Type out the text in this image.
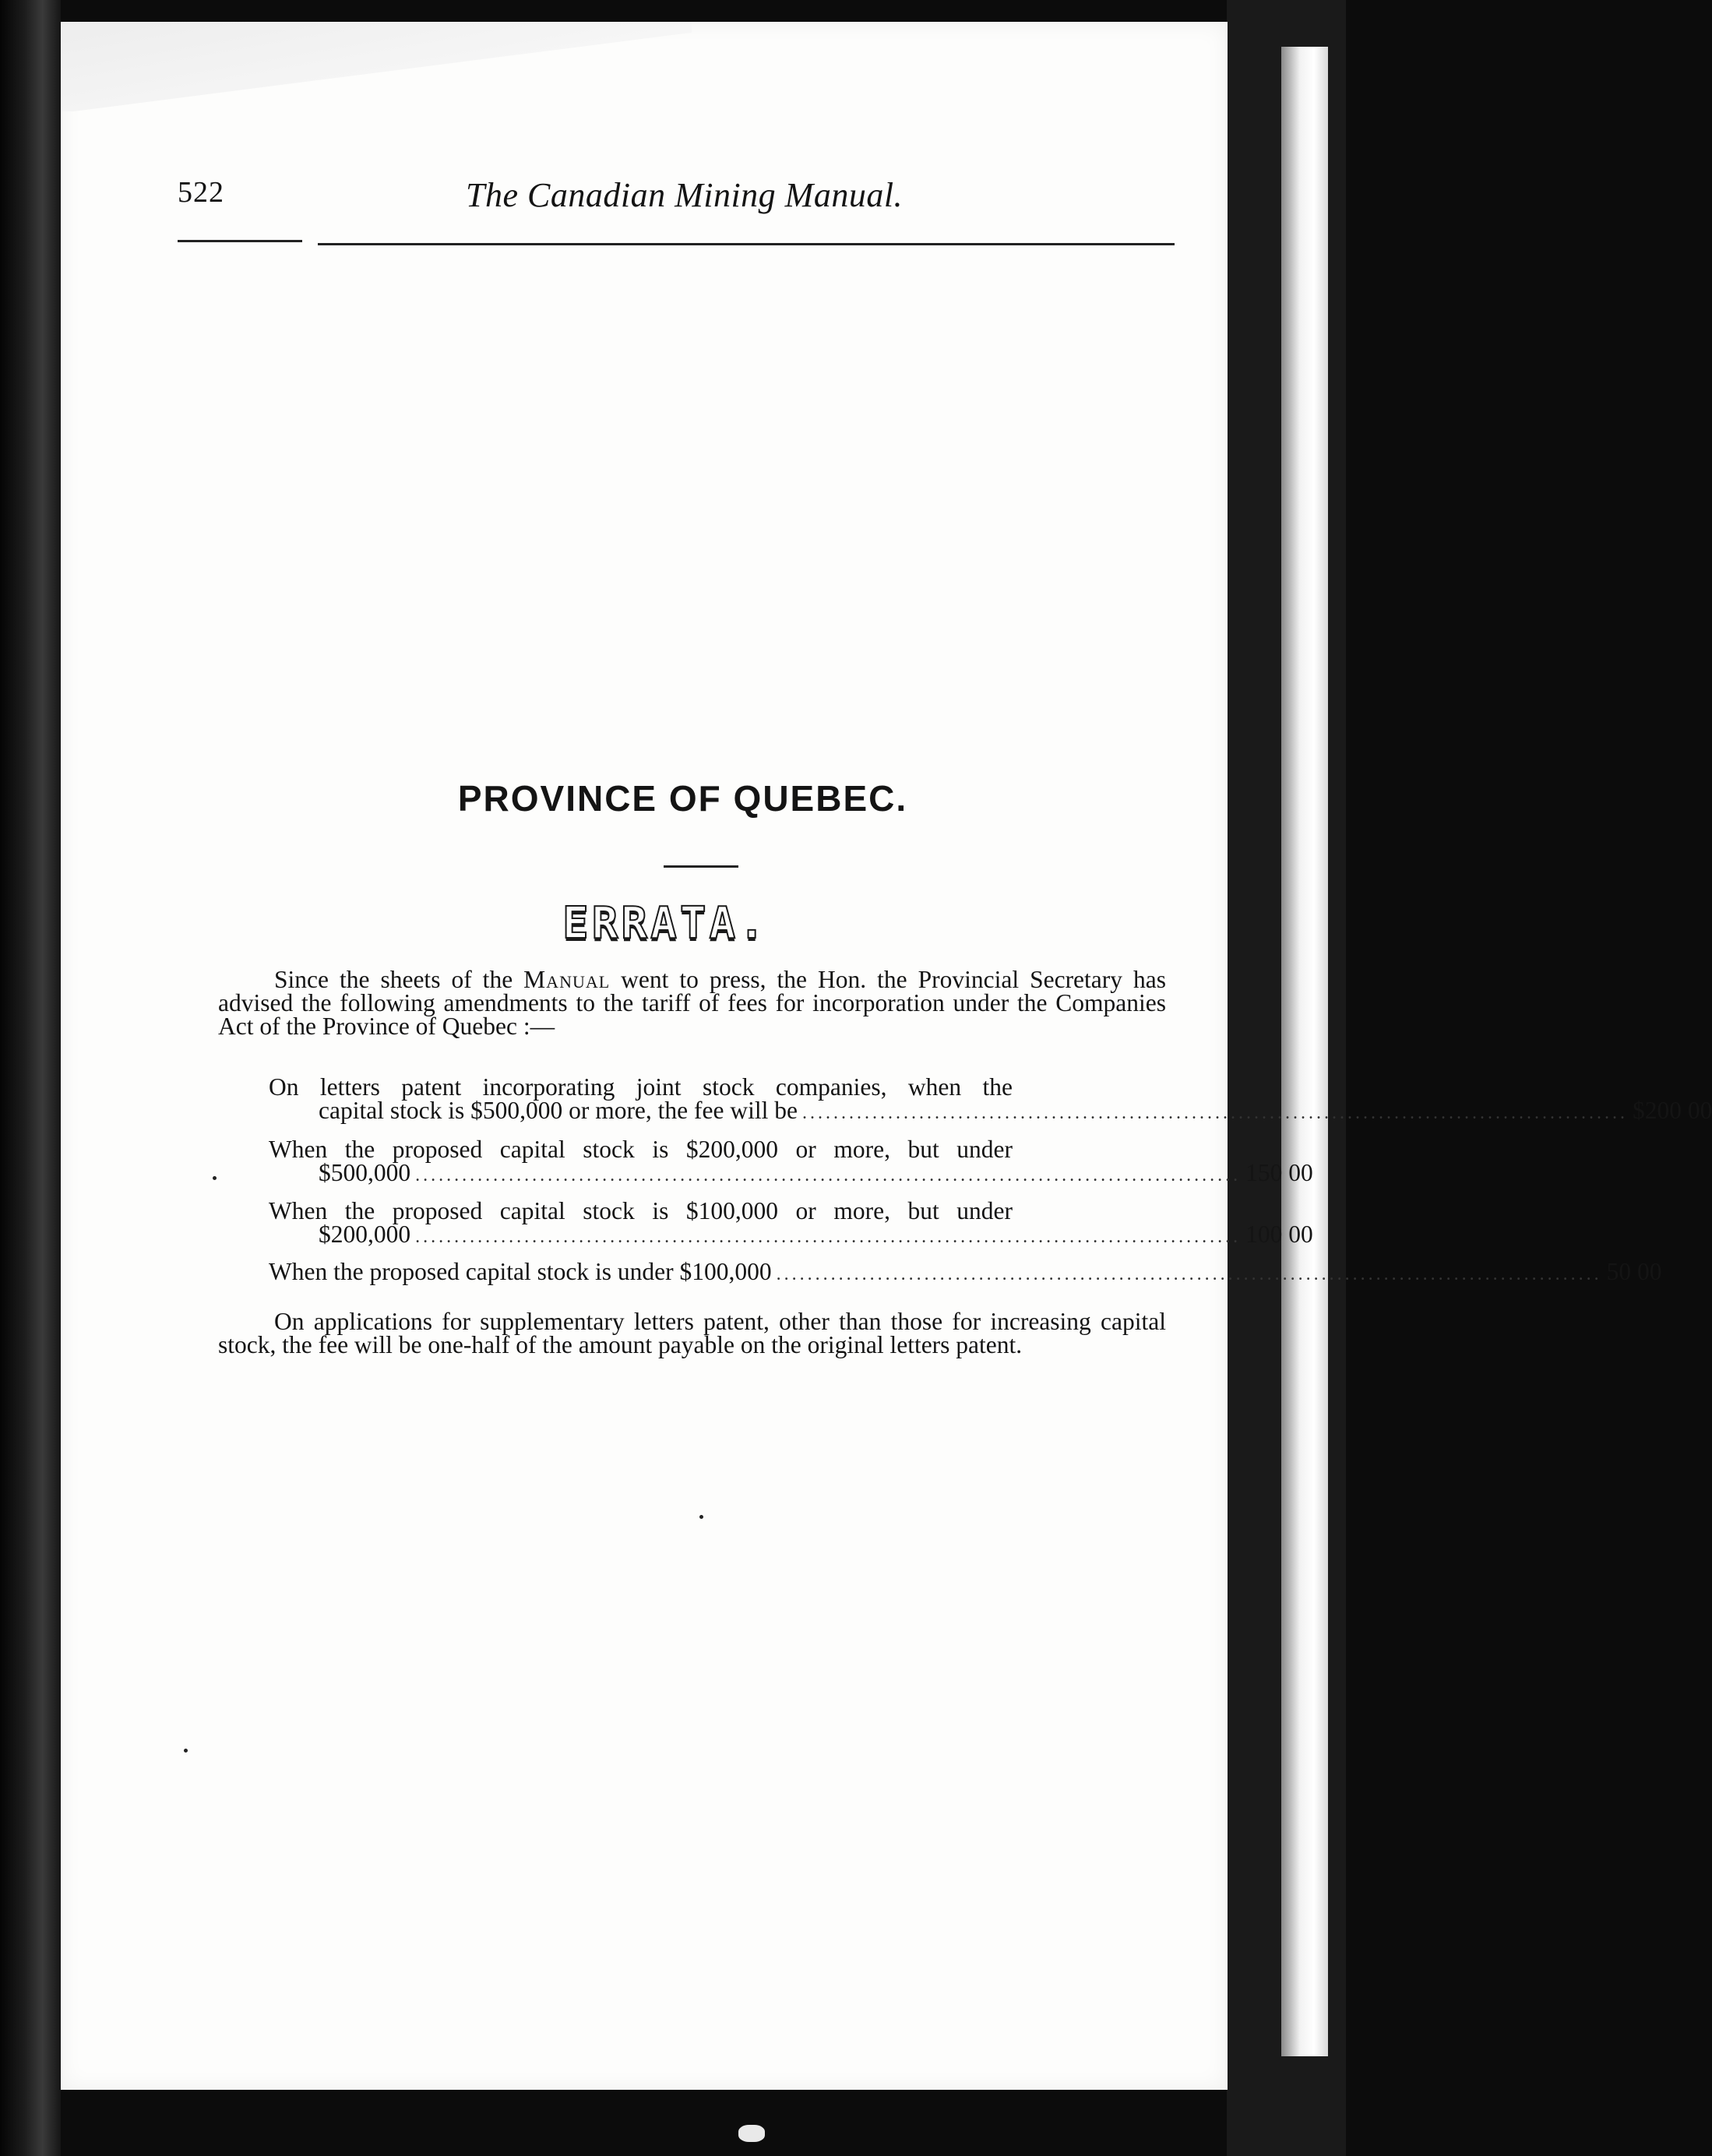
522	The Canadian Mining Manual.
PROVINCE OF QUEBEC.
ERRATA.
Since the sheets of the Manual went to press, the Hon. the Provincial Secretary has advised the following amendments to the tariff of fees for incorporation under the Companies Act of the Province of Quebec :—
On letters patent incorporating joint stock companies, when the
capital stock is $500,000 or more, the fee will be .......................................................................................................... $200 00
When the proposed capital stock is $200,000 or more, but under
$500,000 .......................................................................................................... 150 00
When the proposed capital stock is $100,000 or more, but under
$200,000 .......................................................................................................... 100 00
When the proposed capital stock is under $100,000 .......................................................................................................... 50 00
On applications for supplementary letters patent, other than those for increasing capital stock, the fee will be one-half of the amount payable on the original letters patent.
